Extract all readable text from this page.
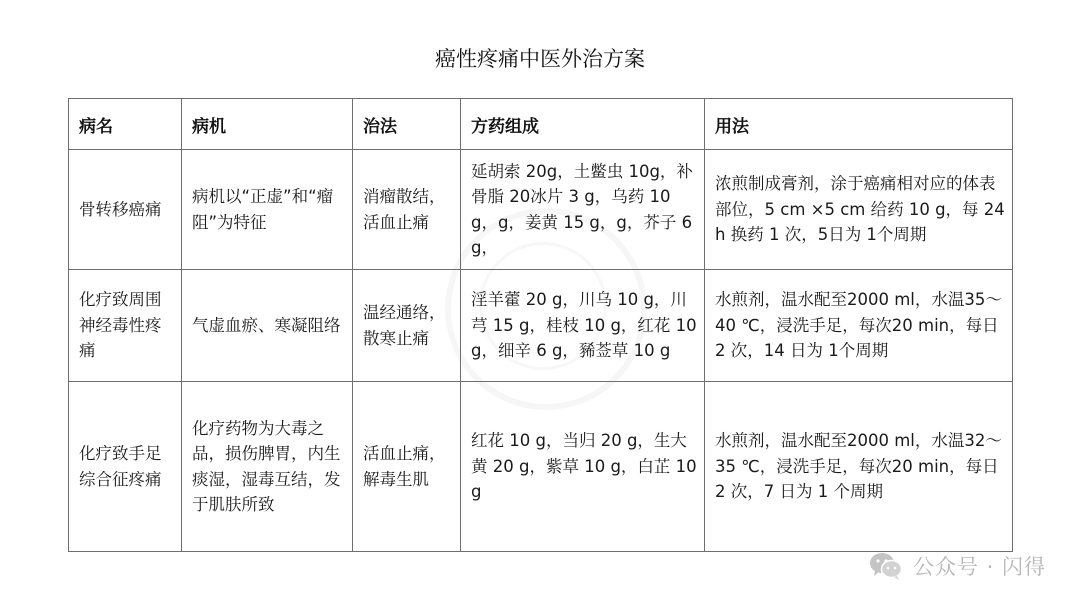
癌性疼痛中医外治方案
病名	病机	治法	方药组成	用法

骨转移癌痛	病机以“正虚”和“瘤阻”为特征	消瘤散结，活血止痛	延胡索 20g，土鳖虫 10g，补骨脂 20冰片 3 g，乌药 10 g，g，姜黄 15 g，g，芥子 6 g，	浓煎制成膏剂，涂于癌痛相对应的体表部位，5 cm ×5 cm 给药 10 g，每 24 h 换药 1 次，5日为 1个周期

化疗致周围神经毒性疼痛	气虚血瘀、寒凝阻络	温经通络，散寒止痛	淫羊藿 20 g，川乌 10 g，川芎 15 g，桂枝 10 g，红花 10 g，细辛 6 g，豨莶草 10 g	水煎剂，温水配至2000 ml，水温35～40 ℃，浸洗手足，每次20 min，每日 2 次，14 日为 1个周期

化疗致手足综合征疼痛	化疗药物为大毒之品，损伤脾胃，内生痰湿，湿毒互结，发于肌肤所致	活血止痛，解毒生肌	红花 10 g，当归 20 g，生大黄 20 g，紫草 10 g，白芷 10 g	水煎剂，温水配至2000 ml，水温32～35 ℃，浸洗手足，每次20 min，每日 2 次，7 日为 1 个周期
公众号 · 闪得
